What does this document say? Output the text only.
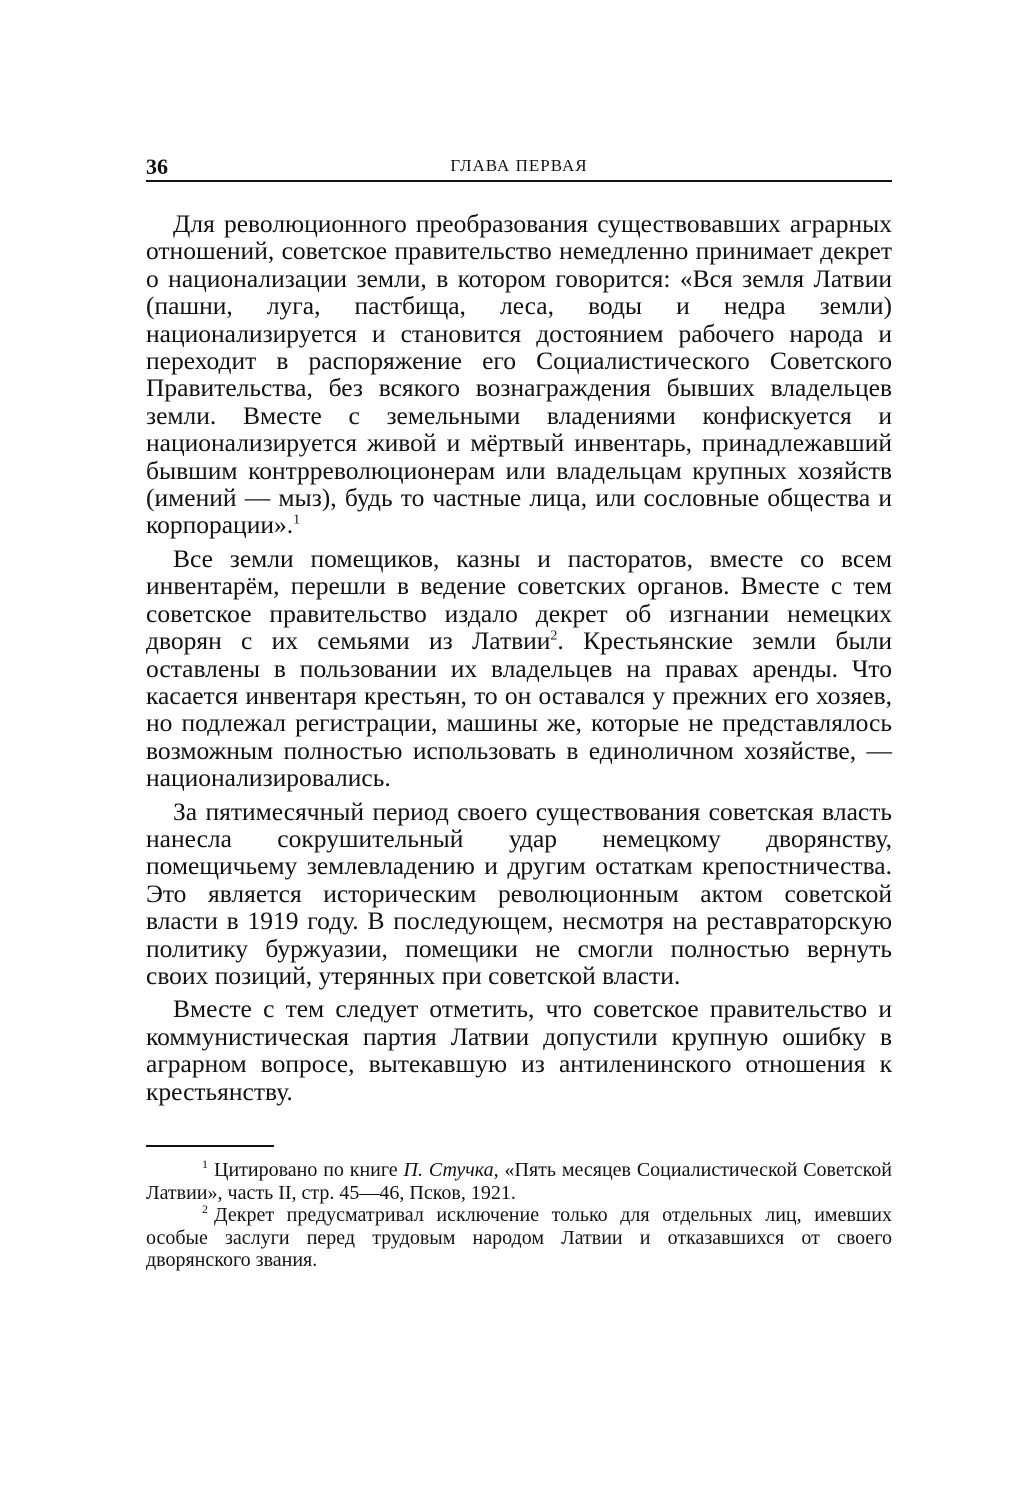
36	ГЛАВА ПЕРВАЯ

Для революционного преобразования существовавших аграрных отношений, советское правительство немедленно принимает декрет о национализации земли, в котором говорится: «Вся земля Латвии (пашни, луга, пастбища, леса, воды и недра земли) национализируется и становится достоянием рабочего народа и переходит в распоряжение его Социалистического Советского Правительства, без всякого вознаграждения бывших владельцев земли. Вместе с земельными владениями конфискуется и национализируется живой и мёртвый инвентарь, принадлежавший бывшим контрреволюционерам или владельцам крупных хозяйств (имений — мыз), будь то частные лица, или сословные общества и корпорации».$^1$

Все земли помещиков, казны и пасторатов, вместе со всем инвентарём, перешли в ведение советских органов. Вместе с тем советское правительство издало декрет об изгнании немецких дворян с их семьями из Латвии$^2$. Крестьянские земли были оставлены в пользовании их владельцев на правах аренды. Что касается инвентаря крестьян, то он оставался у прежних его хозяев, но подлежал регистрации, машины же, которые не представлялось возможным полностью использовать в единоличном хозяйстве, — национализировались.

За пятимесячный период своего существования советская власть нанесла сокрушительный удар немецкому дворянству, помещичьему землевладению и другим остаткам крепостничества. Это является историческим революционным актом советской власти в 1919 году. В последующем, несмотря на реставраторскую политику буржуазии, помещики не смогли полностью вернуть своих позиций, утерянных при советской власти.

Вместе с тем следует отметить, что советское правительство и коммунистическая партия Латвии допустили крупную ошибку в аграрном вопросе, вытекавшую из антиленинского отношения к крестьянству.

$^1$ Цитировано по книге П. Стучка, «Пять месяцев Социалистической Советской Латвии», часть II, стр. 45—46, Псков, 1921.

$^2$ Декрет предусматривал исключение только для отдельных лиц, имевших особые заслуги перед трудовым народом Латвии и отказавшихся от своего дворянского звания.
